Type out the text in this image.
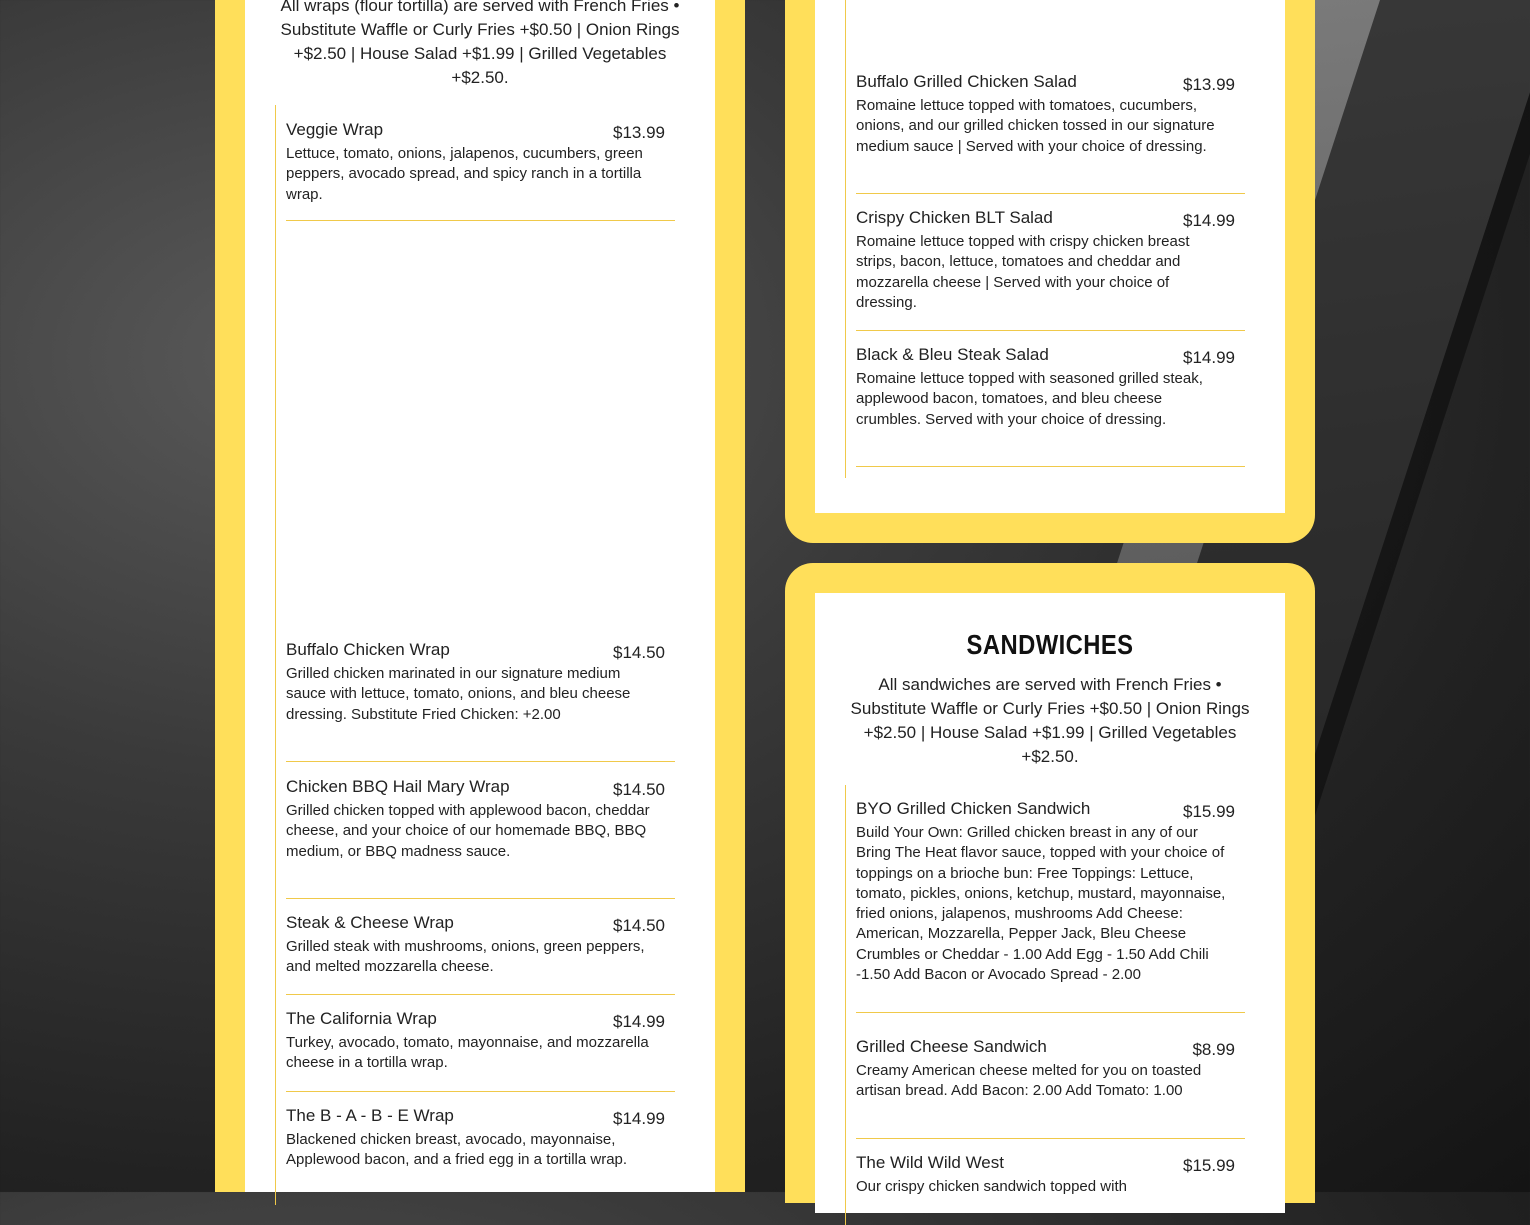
All wraps (flour tortilla) are served with French Fries • Substitute Waffle or Curly Fries +$0.50 | Onion Rings +$2.50 | House Salad +$1.99 | Grilled Vegetables +$2.50.
Veggie Wrap	$13.99
Lettuce, tomato, onions, jalapenos, cucumbers, green peppers, avocado spread, and spicy ranch in a tortilla wrap.
Buffalo Chicken Wrap	$14.50
Grilled chicken marinated in our signature medium sauce with lettuce, tomato, onions, and bleu cheese dressing. Substitute Fried Chicken: +2.00
Chicken BBQ Hail Mary Wrap	$14.50
Grilled chicken topped with applewood bacon, cheddar cheese, and your choice of our homemade BBQ, BBQ medium, or BBQ madness sauce.
Steak & Cheese Wrap	$14.50
Grilled steak with mushrooms, onions, green peppers, and melted mozzarella cheese.
The California Wrap	$14.99
Turkey, avocado, tomato, mayonnaise, and mozzarella cheese in a tortilla wrap.
The B - A - B - E Wrap	$14.99
Blackened chicken breast, avocado, mayonnaise, Applewood bacon, and a fried egg in a tortilla wrap.
Buffalo Grilled Chicken Salad	$13.99
Romaine lettuce topped with tomatoes, cucumbers, onions, and our grilled chicken tossed in our signature medium sauce | Served with your choice of dressing.
Crispy Chicken BLT Salad	$14.99
Romaine lettuce topped with crispy chicken breast strips, bacon, lettuce, tomatoes and cheddar and mozzarella cheese | Served with your choice of dressing.
Black & Bleu Steak Salad	$14.99
Romaine lettuce topped with seasoned grilled steak, applewood bacon, tomatoes, and bleu cheese crumbles. Served with your choice of dressing.
SANDWICHES
All sandwiches are served with French Fries • Substitute Waffle or Curly Fries +$0.50 | Onion Rings +$2.50 | House Salad +$1.99 | Grilled Vegetables +$2.50.
BYO Grilled Chicken Sandwich	$15.99
Build Your Own: Grilled chicken breast in any of our Bring The Heat flavor sauce, topped with your choice of toppings on a brioche bun: Free Toppings: Lettuce, tomato, pickles, onions, ketchup, mustard, mayonnaise, fried onions, jalapenos, mushrooms Add Cheese: American, Mozzarella, Pepper Jack, Bleu Cheese Crumbles or Cheddar - 1.00 Add Egg - 1.50 Add Chili -1.50 Add Bacon or Avocado Spread - 2.00
Grilled Cheese Sandwich	$8.99
Creamy American cheese melted for you on toasted artisan bread. Add Bacon: 2.00 Add Tomato: 1.00
The Wild Wild West	$15.99
Our crispy chicken sandwich topped with
